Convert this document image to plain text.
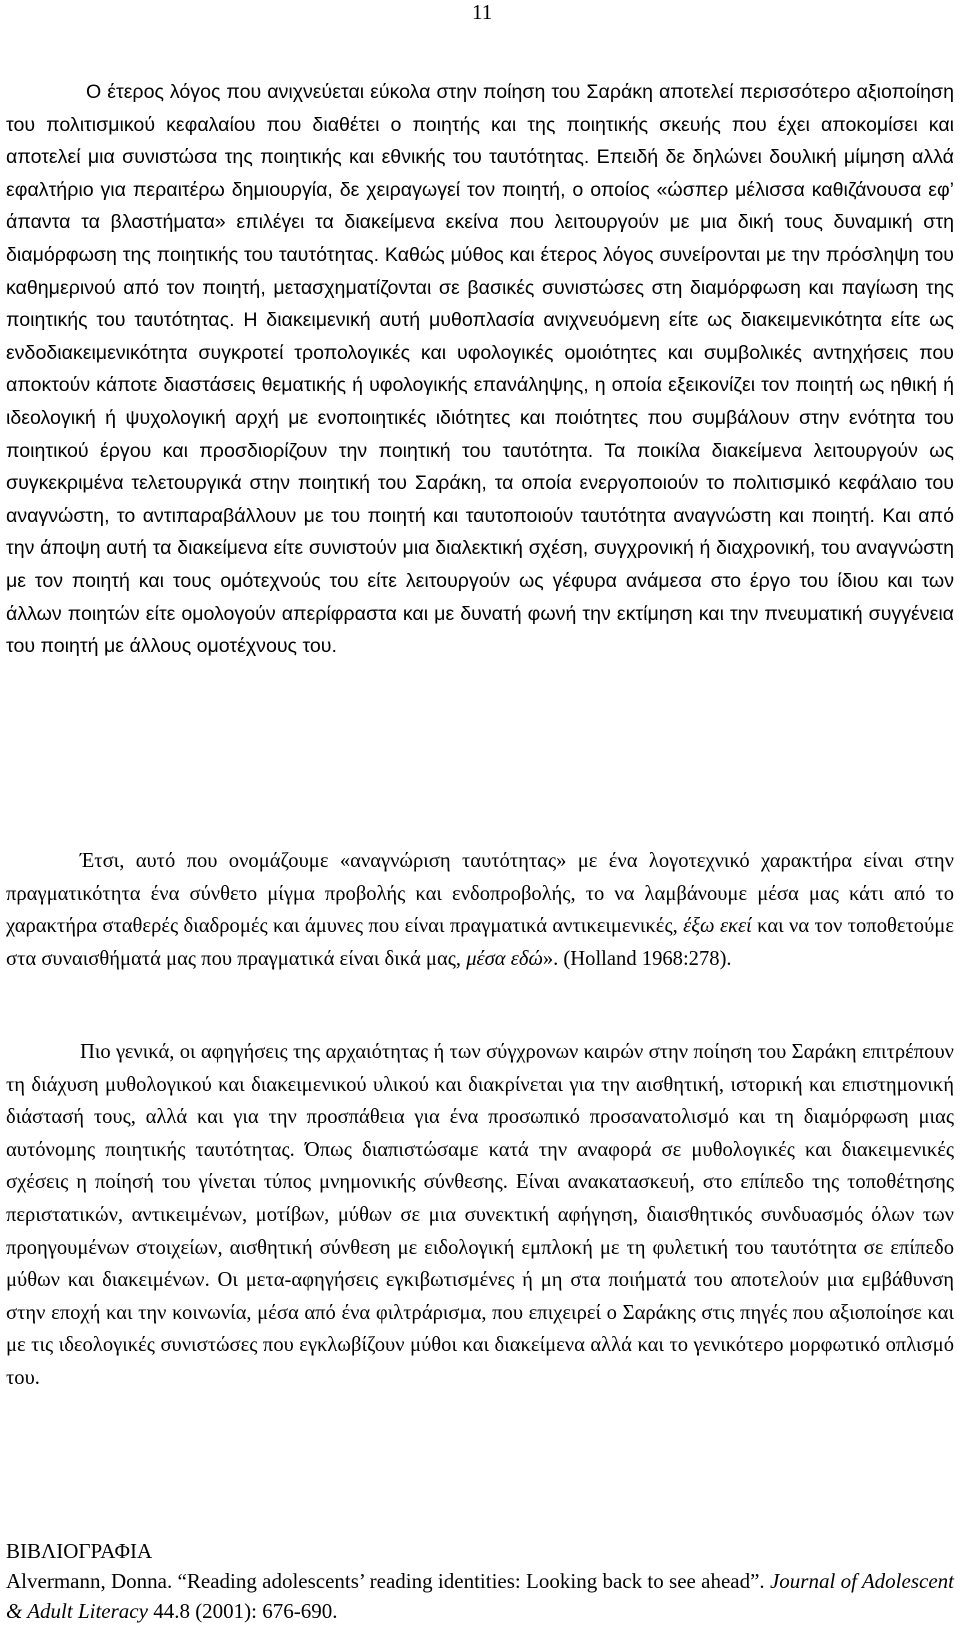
11

Ο έτερος λόγος που ανιχνεύεται εύκολα στην ποίηση του Σαράκη αποτελεί περισσότερο αξιοποίηση του πολιτισμικού κεφαλαίου που διαθέτει ο ποιητής και της ποιητικής σκευής που έχει αποκομίσει και αποτελεί μια συνιστώσα της ποιητικής και εθνικής του ταυτότητας. Επειδή δε δηλώνει δουλική μίμηση αλλά εφαλτήριο για περαιτέρω δημιουργία, δε χειραγωγεί τον ποιητή, ο οποίος «ώσπερ μέλισσα καθιζάνουσα εφ’ άπαντα τα βλαστήματα» επιλέγει τα διακείμενα εκείνα που λειτουργούν με μια δική τους δυναμική στη διαμόρφωση της ποιητικής του ταυτότητας. Καθώς μύθος και έτερος λόγος συνείρονται με την πρόσληψη του καθημερινού από τον ποιητή, μετασχηματίζονται σε βασικές συνιστώσες στη διαμόρφωση και παγίωση της ποιητικής του ταυτότητας. Η διακειμενική αυτή μυθοπλασία ανιχνευόμενη είτε ως διακειμενικότητα είτε ως ενδοδιακειμενικότητα συγκροτεί τροπολογικές και υφολογικές ομοιότητες και συμβολικές αντηχήσεις που αποκτούν κάποτε διαστάσεις θεματικής ή υφολογικής επανάληψης, η οποία εξεικονίζει τον ποιητή ως ηθική ή ιδεολογική ή ψυχολογική αρχή με ενοποιητικές ιδιότητες και ποιότητες που συμβάλουν στην ενότητα του ποιητικού έργου και προσδιορίζουν την ποιητική του ταυτότητα. Τα ποικίλα διακείμενα λειτουργούν ως συγκεκριμένα τελετουργικά στην ποιητική του Σαράκη, τα οποία ενεργοποιούν το πολιτισμικό κεφάλαιο του αναγνώστη, το αντιπαραβάλλουν με του ποιητή και ταυτοποιούν ταυτότητα αναγνώστη και ποιητή. Και από την άποψη αυτή τα διακείμενα είτε συνιστούν μια διαλεκτική σχέση, συγχρονική ή διαχρονική, του αναγνώστη με τον ποιητή και τους ομότεχνούς του είτε λειτουργούν ως γέφυρα ανάμεσα στο έργο του ίδιου και των άλλων ποιητών είτε ομολογούν απερίφραστα και με δυνατή φωνή την εκτίμηση και την πνευματική συγγένεια του ποιητή με άλλους ομοτέχνους του.

Έτσι, αυτό που ονομάζουμε «αναγνώριση ταυτότητας» με ένα λογοτεχνικό χαρακτήρα είναι στην πραγματικότητα ένα σύνθετο μίγμα προβολής και ενδοπροβολής, το να λαμβάνουμε μέσα μας κάτι από το χαρακτήρα σταθερές διαδρομές και άμυνες που είναι πραγματικά αντικειμενικές, έξω εκεί και να τον τοποθετούμε στα συναισθήματά μας που πραγματικά είναι δικά μας, μέσα εδώ». (Holland 1968:278).

Πιο γενικά, οι αφηγήσεις της αρχαιότητας ή των σύγχρονων καιρών στην ποίηση του Σαράκη επιτρέπουν τη διάχυση μυθολογικού και διακειμενικού υλικού και διακρίνεται για την αισθητική, ιστορική και επιστημονική διάστασή τους, αλλά και για την προσπάθεια για ένα προσωπικό προσανατολισμό και τη διαμόρφωση μιας αυτόνομης ποιητικής ταυτότητας. Όπως διαπιστώσαμε κατά την αναφορά σε μυθολογικές και διακειμενικές σχέσεις η ποίησή του γίνεται τύπος μνημονικής σύνθεσης. Είναι ανακατασκευή, στο επίπεδο της τοποθέτησης περιστατικών, αντικειμένων, μοτίβων, μύθων σε μια συνεκτική αφήγηση, διαισθητικός συνδυασμός όλων των προηγουμένων στοιχείων, αισθητική σύνθεση με ειδολογική εμπλοκή με τη φυλετική του ταυτότητα σε επίπεδο μύθων και διακειμένων. Οι μετα-αφηγήσεις εγκιβωτισμένες ή μη στα ποιήματά του αποτελούν μια εμβάθυνση στην εποχή και την κοινωνία, μέσα από ένα φιλτράρισμα, που επιχειρεί ο Σαράκης στις πηγές που αξιοποίησε και με τις ιδεολογικές συνιστώσες που εγκλωβίζουν μύθοι και διακείμενα αλλά και το γενικότερο μορφωτικό οπλισμό του.

ΒΙΒΛΙΟΓΡΑΦΙΑ

Alvermann, Donna. “Reading adolescents’ reading identities: Looking back to see ahead”. Journal of Adolescent & Adult Literacy 44.8 (2001): 676-690.
